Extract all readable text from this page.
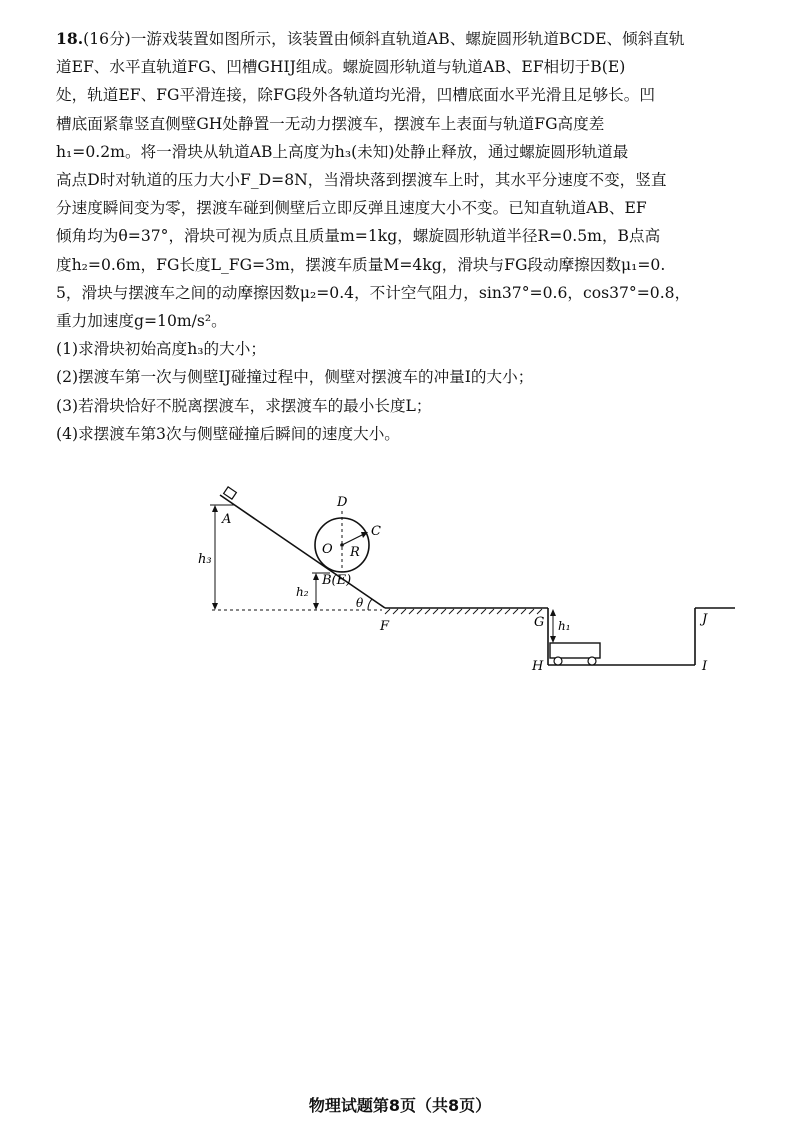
18.(16分)一游戏装置如图所示，该装置由倾斜直轨道AB、螺旋圆形轨道BCDE、倾斜直轨
道EF、水平直轨道FG、凹槽GHIJ组成。螺旋圆形轨道与轨道AB、EF相切于B(E)
处，轨道EF、FG平滑连接，除FG段外各轨道均光滑，凹槽底面水平光滑且足够长。凹
槽底面紧靠竖直侧壁GH处静置一无动力摆渡车，摆渡车上表面与轨道FG高度差
h₁=0.2m。将一滑块从轨道AB上高度为h₃(未知)处静止释放，通过螺旋圆形轨道最
高点D时对轨道的压力大小F_D=8N，当滑块落到摆渡车上时，其水平分速度不变，竖直
分速度瞬间变为零，摆渡车碰到侧壁后立即反弹且速度大小不变。已知直轨道AB、EF
倾角均为θ=37°，滑块可视为质点且质量m=1kg，螺旋圆形轨道半径R=0.5m，B点高
度h₂=0.6m，FG长度L_FG=3m，摆渡车质量M=4kg，滑块与FG段动摩擦因数μ₁=0.
5，滑块与摆渡车之间的动摩擦因数μ₂=0.4，不计空气阻力，sin37°=0.6，cos37°=0.8，
重力加速度g=10m/s²。

(1)求滑块初始高度h₃的大小；

(2)摆渡车第一次与侧壁IJ碰撞过程中，侧壁对摆渡车的冲量I的大小；

(3)若滑块恰好不脱离摆渡车，求摆渡车的最小长度L；

(4)求摆渡车第3次与侧壁碰撞后瞬间的速度大小。

A
h₃
D
C
O R
B(E)
h₂
θ
F	G h₁
H	I
J
物理试题第8页（共8页）
